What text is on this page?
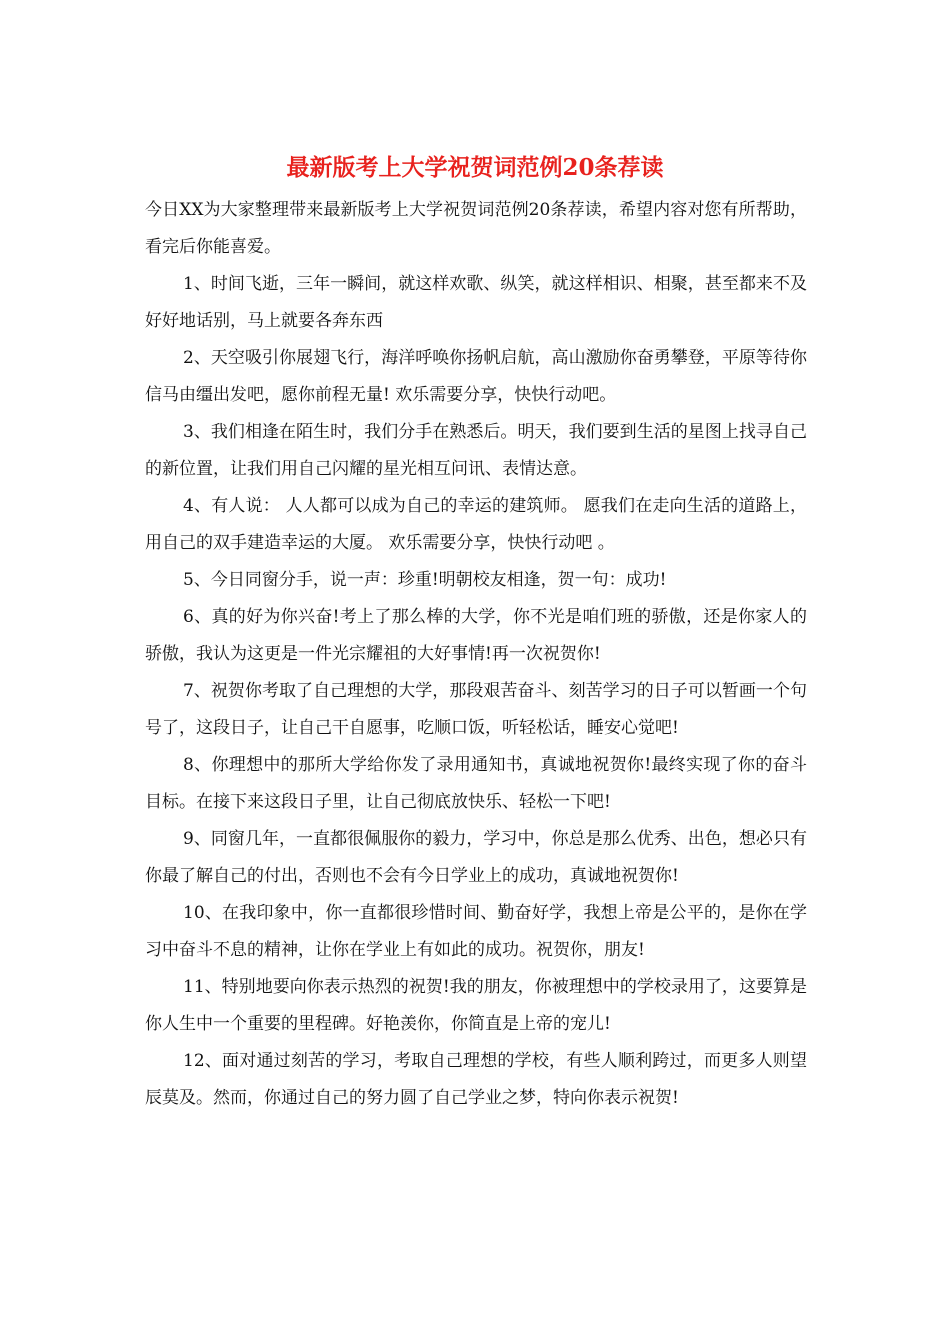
最新版考上大学祝贺词范例20条荐读

今日XX为大家整理带来最新版考上大学祝贺词范例20条荐读，希望内容对您有所帮助，看完后你能喜爱。

1、时间飞逝，三年一瞬间，就这样欢歌、纵笑，就这样相识、相聚，甚至都来不及好好地话别，马上就要各奔东西

2、天空吸引你展翅飞行，海洋呼唤你扬帆启航，高山激励你奋勇攀登，平原等待你信马由缰出发吧，愿你前程无量! 欢乐需要分享，快快行动吧。

3、我们相逢在陌生时，我们分手在熟悉后。明天，我们要到生活的星图上找寻自己的新位置，让我们用自己闪耀的星光相互问讯、表情达意。

4、有人说： 人人都可以成为自己的幸运的建筑师。 愿我们在走向生活的道路上，用自己的双手建造幸运的大厦。 欢乐需要分享，快快行动吧 。

5、今日同窗分手，说一声：珍重!明朝校友相逢，贺一句：成功!

6、真的好为你兴奋!考上了那么棒的大学，你不光是咱们班的骄傲，还是你家人的骄傲，我认为这更是一件光宗耀祖的大好事情!再一次祝贺你!

7、祝贺你考取了自己理想的大学，那段艰苦奋斗、刻苦学习的日子可以暂画一个句号了，这段日子，让自己干自愿事，吃顺口饭，听轻松话，睡安心觉吧!

8、你理想中的那所大学给你发了录用通知书，真诚地祝贺你!最终实现了你的奋斗目标。在接下来这段日子里，让自己彻底放快乐、轻松一下吧!

9、同窗几年，一直都很佩服你的毅力，学习中，你总是那么优秀、出色，想必只有你最了解自己的付出，否则也不会有今日学业上的成功，真诚地祝贺你!

10、在我印象中，你一直都很珍惜时间、勤奋好学，我想上帝是公平的，是你在学习中奋斗不息的精神，让你在学业上有如此的成功。祝贺你，朋友!

11、特别地要向你表示热烈的祝贺!我的朋友，你被理想中的学校录用了，这要算是你人生中一个重要的里程碑。好艳羡你，你简直是上帝的宠儿!

12、面对通过刻苦的学习，考取自己理想的学校，有些人顺利跨过，而更多人则望辰莫及。然而，你通过自己的努力圆了自己学业之梦，特向你表示祝贺!
